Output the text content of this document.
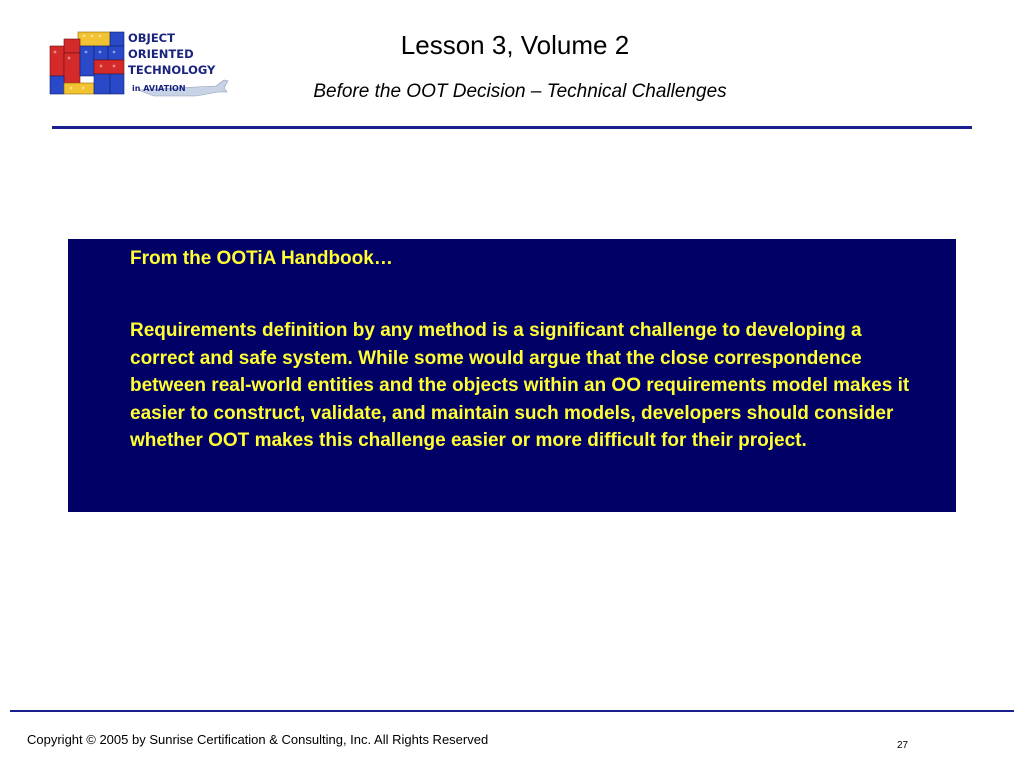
OBJECT
ORIENTED
TECHNOLOGY
in AVIATION
Lesson 3, Volume 2
Before the OOT Decision – Technical Challenges
From the OOTiA Handbook…
Requirements definition by any method is a significant challenge to developing a correct and safe system. While some would argue that the close correspondence between real-world entities and the objects within an OO requirements model makes it easier to construct, validate, and maintain such models, developers should consider whether OOT makes this challenge easier or more difficult for their project.
Copyright © 2005 by Sunrise Certification & Consulting, Inc. All Rights Reserved	27
